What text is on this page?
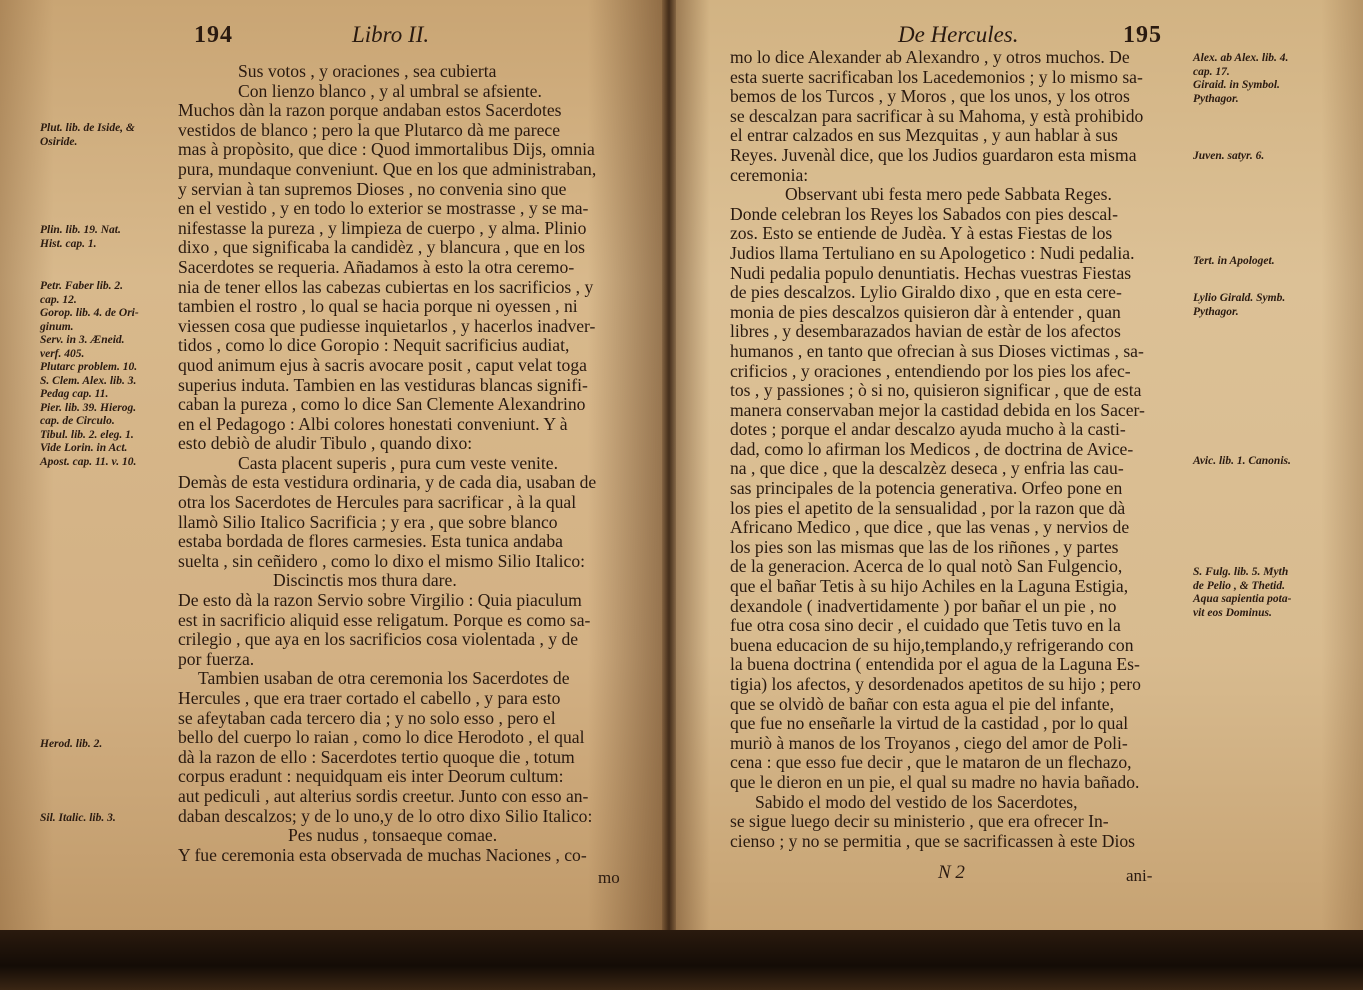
194	Libro II.
Plut. lib. de Iside, &
Osiride.
Plin. lib. 19. Nat.
Hist. cap. 1.
Petr. Faber lib. 2.
cap. 12.
Gorop. lib. 4. de Ori-
ginum.
Serv. in 3. Æneid.
verf. 405.
Plutarc problem. 10.
S. Clem. Alex. lib. 3.
Pedag cap. 11.
Pier. lib. 39. Hierog.
cap. de Circulo.
Tibul. lib. 2. eleg. 1.
Vide Lorin. in Act.
Apost. cap. 11. v. 10.
Herod. lib. 2.
Sil. Italic. lib. 3.
Sus votos , y oraciones , sea cubierta
Con lienzo blanco , y al umbral se afsiente.
Muchos dàn la razon porque andaban estos Sacerdotes
vestidos de blanco ; pero la que Plutarco dà me parece
mas à propòsito, que dice : Quod immortalibus Dijs, omnia
pura, mundaque conveniunt. Que en los que administraban,
y servian à tan supremos Dioses , no convenia sino que
en el vestido , y en todo lo exterior se mostrasse , y se ma-
nifestasse la pureza , y limpieza de cuerpo , y alma. Plinio
dixo , que significaba la candidèz , y blancura , que en los
Sacerdotes se requeria. Añadamos à esto la otra ceremo-
nia de tener ellos las cabezas cubiertas en los sacrificios , y
tambien el rostro , lo qual se hacia porque ni oyessen , ni
viessen cosa que pudiesse inquietarlos , y hacerlos inadver-
tidos , como lo dice Goropio : Nequit sacrificius audiat,
quod animum ejus à sacris avocare posit , caput velat toga
superius induta. Tambien en las vestiduras blancas signifi-
caban la pureza , como lo dice San Clemente Alexandrino
en el Pedagogo : Albi colores honestati conveniunt. Y à
esto debiò de aludir Tibulo , quando dixo:
Casta placent superis , pura cum veste venite.
Demàs de esta vestidura ordinaria, y de cada dia, usaban de
otra los Sacerdotes de Hercules para sacrificar , à la qual
llamò Silio Italico Sacrificia ; y era , que sobre blanco
estaba bordada de flores carmesies. Esta tunica andaba
suelta , sin ceñidero , como lo dixo el mismo Silio Italico:
Discinctis mos thura dare.
De esto dà la razon Servio sobre Virgilio : Quia piaculum
est in sacrificio aliquid esse religatum. Porque es como sa-
crilegio , que aya en los sacrificios cosa violentada , y de
por fuerza.
Tambien usaban de otra ceremonia los Sacerdotes de
Hercules , que era traer cortado el cabello , y para esto
se afeytaban cada tercero dia ; y no solo esso , pero el
bello del cuerpo lo raian , como lo dice Herodoto , el qual
dà la razon de ello : Sacerdotes tertio quoque die , totum
corpus eradunt : nequidquam eis inter Deorum cultum:
aut pediculi , aut alterius sordis creetur. Junto con esso an-
daban descalzos; y de lo uno,y de lo otro dixo Silio Italico:
Pes nudus , tonsaeque comae.
Y fue ceremonia esta observada de muchas Naciones , co-
mo
De Hercules.	195
mo lo dice Alexander ab Alexandro , y otros muchos. De
esta suerte sacrificaban los Lacedemonios ; y lo mismo sa-
bemos de los Turcos , y Moros , que los unos, y los otros
se descalzan para sacrificar à su Mahoma, y està prohibido
el entrar calzados en sus Mezquitas , y aun hablar à sus
Reyes. Juvenàl dice, que los Judios guardaron esta misma
ceremonia:
Observant ubi festa mero pede Sabbata Reges.
Donde celebran los Reyes los Sabados con pies descal-
zos. Esto se entiende de Judèa. Y à estas Fiestas de los
Judios llama Tertuliano en su Apologetico : Nudi pedalia.
Nudi pedalia populo denuntiatis. Hechas vuestras Fiestas
de pies descalzos. Lylio Giraldo dixo , que en esta cere-
monia de pies descalzos quisieron dàr à entender , quan
libres , y desembarazados havian de estàr de los afectos
humanos , en tanto que ofrecian à sus Dioses victimas , sa-
crificios , y oraciones , entendiendo por los pies los afec-
tos , y passiones ; ò si no, quisieron significar , que de esta
manera conservaban mejor la castidad debida en los Sacer-
dotes ; porque el andar descalzo ayuda mucho à la casti-
dad, como lo afirman los Medicos , de doctrina de Avice-
na , que dice , que la descalzèz deseca , y enfria las cau-
sas principales de la potencia generativa. Orfeo pone en
los pies el apetito de la sensualidad , por la razon que dà
Africano Medico , que dice , que las venas , y nervios de
los pies son las mismas que las de los riñones , y partes
de la generacion. Acerca de lo qual notò San Fulgencio,
que el bañar Tetis à su hijo Achiles en la Laguna Estigia,
dexandole ( inadvertidamente ) por bañar el un pie , no
fue otra cosa sino decir , el cuidado que Tetis tuvo en la
buena educacion de su hijo,templando,y refrigerando con
la buena doctrina ( entendida por el agua de la Laguna Es-
tigia) los afectos, y desordenados apetitos de su hijo ; pero
que se olvidò de bañar con esta agua el pie del infante,
que fue no enseñarle la virtud de la castidad , por lo qual
muriò à manos de los Troyanos , ciego del amor de Poli-
cena : que esso fue decir , que le mataron de un flechazo,
que le dieron en un pie, el qual su madre no havia bañado.
Sabido el modo del vestido de los Sacerdotes,
se sigue luego decir su ministerio , que era ofrecer In-
cienso ; y no se permitia , que se sacrificassen à este Dios
Alex. ab Alex. lib. 4.
cap. 17.
Giraid. in Symbol.
Pythagor.
Juven. satyr. 6.
Tert. in Apologet.
Lylio Girald. Symb.
Pythagor.
Avic. lib. 1. Canonis.
S. Fulg. lib. 5. Myth
de Pelio , & Thetid.
Aqua sapientia pota-
vit eos Dominus.
N 2	ani-
